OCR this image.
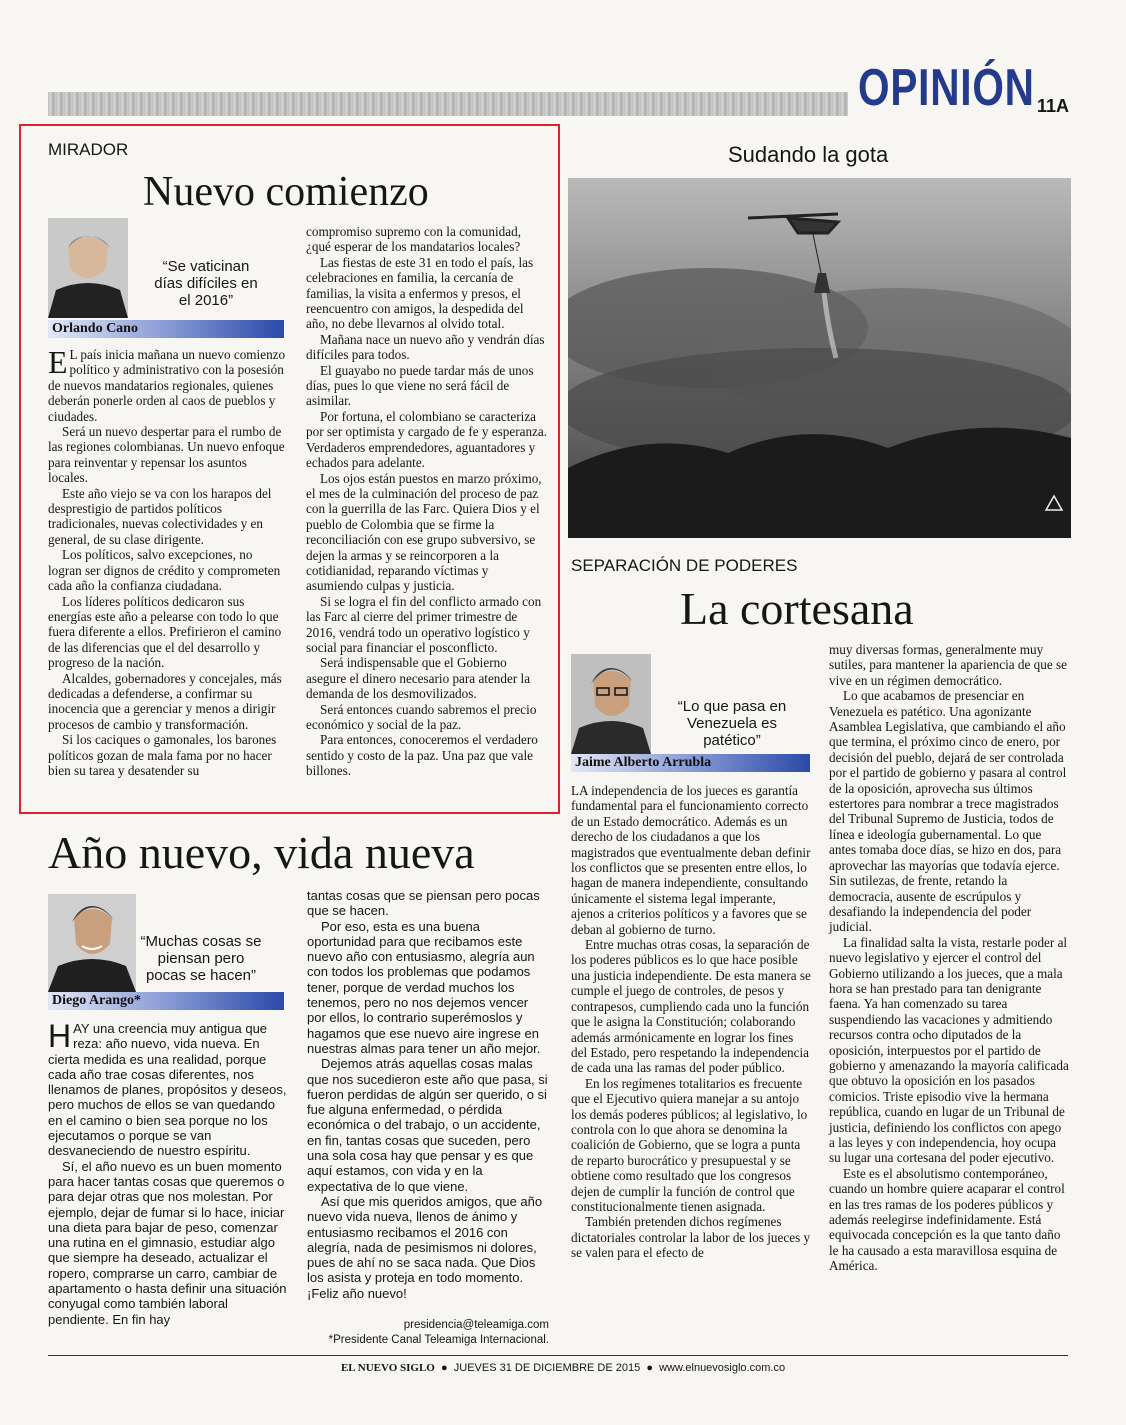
OPINIÓN 11A
MIRADOR
Nuevo comienzo
“Se vaticinan días difíciles en el 2016”
Orlando Cano

E L país inicia mañana un nuevo comienzo político y administrativo con la posesión de nuevos mandatarios regionales, quienes deberán ponerle orden al caos de pueblos y ciudades.

Será un nuevo despertar para el rumbo de las regiones colombianas. Un nuevo enfoque para reinventar y repensar los asuntos locales.

Este año viejo se va con los harapos del desprestigio de partidos políticos tradicionales, nuevas colectividades y en general, de su clase dirigente.

Los políticos, salvo excepciones, no logran ser dignos de crédito y comprometen cada año la confianza ciudadana.

Los líderes políticos dedicaron sus energías este año a pelearse con todo lo que fuera diferente a ellos. Prefirieron el camino de las diferencias que el del desarrollo y progreso de la nación.

Alcaldes, gobernadores y concejales, más dedicadas a defenderse, a confirmar su inocencia que a gerenciar y menos a dirigir procesos de cambio y transformación.

Si los caciques o gamonales, los barones políticos gozan de mala fama por no hacer bien su tarea y desatender su

compromiso supremo con la comunidad, ¿qué esperar de los mandatarios locales?

Las fiestas de este 31 en todo el país, las celebraciones en familia, la cercanía de familias, la visita a enfermos y presos, el reencuentro con amigos, la despedida del año, no debe llevarnos al olvido total.

Mañana nace un nuevo año y vendrán días difíciles para todos.

El guayabo no puede tardar más de unos días, pues lo que viene no será fácil de asimilar.

Por fortuna, el colombiano se caracteriza por ser optimista y cargado de fe y esperanza. Verdaderos emprendedores, aguantadores y echados para adelante.

Los ojos están puestos en marzo próximo, el mes de la culminación del proceso de paz con la guerrilla de las Farc. Quiera Dios y el pueblo de Colombia que se firme la reconciliación con ese grupo subversivo, se dejen la armas y se reincorporen a la cotidianidad, reparando víctimas y asumiendo culpas y justicia.

Si se logra el fin del conflicto armado con las Farc al cierre del primer trimestre de 2016, vendrá todo un operativo logístico y social para financiar el posconflicto.

Será indispensable que el Gobierno asegure el dinero necesario para atender la demanda de los desmovilizados.

Será entonces cuando sabremos el precio económico y social de la paz.

Para entonces, conoceremos el verdadero sentido y costo de la paz. Una paz que vale billones.

Sudando la gota
SEPARACIÓN DE PODERES
La cortesana
“Lo que pasa en Venezuela es patético”
Jaime Alberto Arrubla

LA independencia de los jueces es garantía fundamental para el funcionamiento correcto de un Estado democrático. Además es un derecho de los ciudadanos a que los magistrados que eventualmente deban definir los conflictos que se presenten entre ellos, lo hagan de manera independiente, consultando únicamente el sistema legal imperante, ajenos a criterios políticos y a favores que se deban al gobierno de turno.

Entre muchas otras cosas, la separación de los poderes públicos es lo que hace posible una justicia independiente. De esta manera se cumple el juego de controles, de pesos y contrapesos, cumpliendo cada uno la función que le asigna la Constitución; colaborando además armónicamente en lograr los fines del Estado, pero respetando la independencia de cada una las ramas del poder público.

En los regímenes totalitarios es frecuente que el Ejecutivo quiera manejar a su antojo los demás poderes públicos; al legislativo, lo controla con lo que ahora se denomina la coalición de Gobierno, que se logra a punta de reparto burocrático y presupuestal y se obtiene como resultado que los congresos dejen de cumplir la función de control que constitucionalmente tienen asignada.

También pretenden dichos regímenes dictatoriales controlar la labor de los jueces y se valen para el efecto de

muy diversas formas, generalmente muy sutiles, para mantener la apariencia de que se vive en un régimen democrático.

Lo que acabamos de presenciar en Venezuela es patético. Una agonizante Asamblea Legislativa, que cambiando el año que termina, el próximo cinco de enero, por decisión del pueblo, dejará de ser controlada por el partido de gobierno y pasara al control de la oposición, aprovecha sus últimos estertores para nombrar a trece magistrados del Tribunal Supremo de Justicia, todos de línea e ideología gubernamental. Lo que antes tomaba doce días, se hizo en dos, para aprovechar las mayorías que todavía ejerce. Sin sutilezas, de frente, retando la democracia, ausente de escrúpulos y desafiando la independencia del poder judicial.

La finalidad salta la vista, restarle poder al nuevo legislativo y ejercer el control del Gobierno utilizando a los jueces, que a mala hora se han prestado para tan denigrante faena. Ya han comenzado su tarea suspendiendo las vacaciones y admitiendo recursos contra ocho diputados de la oposición, interpuestos por el partido de gobierno y amenazando la mayoría calificada que obtuvo la oposición en los pasados comicios. Triste episodio vive la hermana república, cuando en lugar de un Tribunal de justicia, definiendo los conflictos con apego a las leyes y con independencia, hoy ocupa su lugar una cortesana del poder ejecutivo.

Este es el absolutismo contemporáneo, cuando un hombre quiere acaparar el control en las tres ramas de los poderes públicos y además reelegirse indefinidamente. Está equivocada concepción es la que tanto daño le ha causado a esta maravillosa esquina de América.

Año nuevo, vida nueva
“Muchas cosas se piensan pero pocas se hacen”
Diego Arango*

HAY una creencia muy antigua que reza: año nuevo, vida nueva. En cierta medida es una realidad, porque cada año trae cosas diferentes, nos llenamos de planes, propósitos y deseos, pero muchos de ellos se van quedando en el camino o bien sea porque no los ejecutamos o porque se van desvaneciendo de nuestro espíritu.

Sí, el año nuevo es un buen momento para hacer tantas cosas que queremos o para dejar otras que nos molestan. Por ejemplo, dejar de fumar si lo hace, iniciar una dieta para bajar de peso, comenzar una rutina en el gimnasio, estudiar algo que siempre ha deseado, actualizar el ropero, comprarse un carro, cambiar de apartamento o hasta definir una situación conyugal como también laboral pendiente. En fin hay

tantas cosas que se piensan pero pocas que se hacen.

Por eso, esta es una buena oportunidad para que recibamos este nuevo año con entusiasmo, alegría aun con todos los problemas que podamos tener, porque de verdad muchos los tenemos, pero no nos dejemos vencer por ellos, lo contrario superémoslos y hagamos que ese nuevo aire ingrese en nuestras almas para tener un año mejor.

Dejemos atrás aquellas cosas malas que nos sucedieron este año que pasa, si fueron perdidas de algún ser querido, o si fue alguna enfermedad, o pérdida económica o del trabajo, o un accidente, en fin, tantas cosas que suceden, pero una sola cosa hay que pensar y es que aquí estamos, con vida y en la expectativa de lo que viene.

Así que mis queridos amigos, que año nuevo vida nueva, llenos de ánimo y entusiasmo recibamos el 2016 con alegría, nada de pesimismos ni dolores, pues de ahí no se saca nada. Que Dios los asista y proteja en todo momento. ¡Feliz año nuevo!

presidencia@teleamiga.com
*Presidente Canal Teleamiga Internacional.
EL NUEVO SIGLO  ●  JUEVES 31 DE DICIEMBRE DE 2015  ●  www.elnuevosiglo.com.co
